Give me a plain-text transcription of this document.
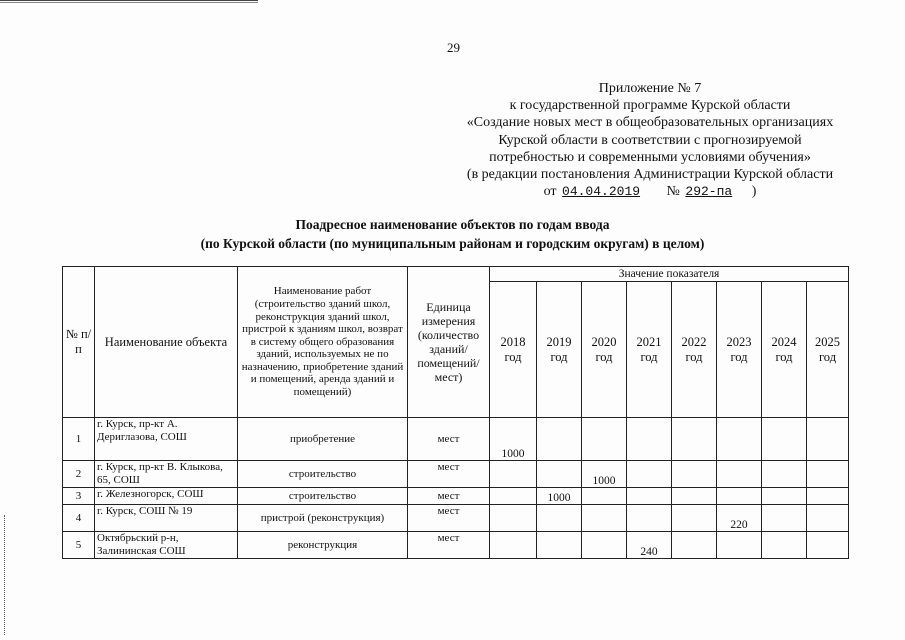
29
Приложение № 7
к государственной программе Курской области
«Создание новых мест в общеобразовательных организациях
Курской области в соответствии с прогнозируемой
потребностью и современными условиями обучения»
(в редакции постановления Администрации Курской области
от 04.04.2019 № 292-па )
Поадресное наименование объектов по годам ввода
(по Курской области (по муниципальным районам и городским округам) в целом)
№ п/п	Наименование объекта	Наименование работ (строительство зданий школ, реконструкция зданий школ, пристрой к зданиям школ, возврат в систему общего образования зданий, используемых не по назначению, приобретение зданий и помещений, аренда зданий и помещений)	Единица измерения (количество зданий/ помещений/ мест)	Значение показателя							
				2018 год	2019 год	2020 год	2021 год	2022 год	2023 год	2024 год	2025 год
1	г. Курск, пр-кт А. Дериглазова, СОШ	приобретение	мест	1000							
2	г. Курск, пр-кт В. Клыкова, 65, СОШ	строительство	мест			1000					
3	г. Железногорск, СОШ	строительство	мест		1000						
4	г. Курск, СОШ № 19	пристрой (реконструкция)	мест						220		
5	Октябрьский р-н, Залининская СОШ	реконструкция	мест				240				
